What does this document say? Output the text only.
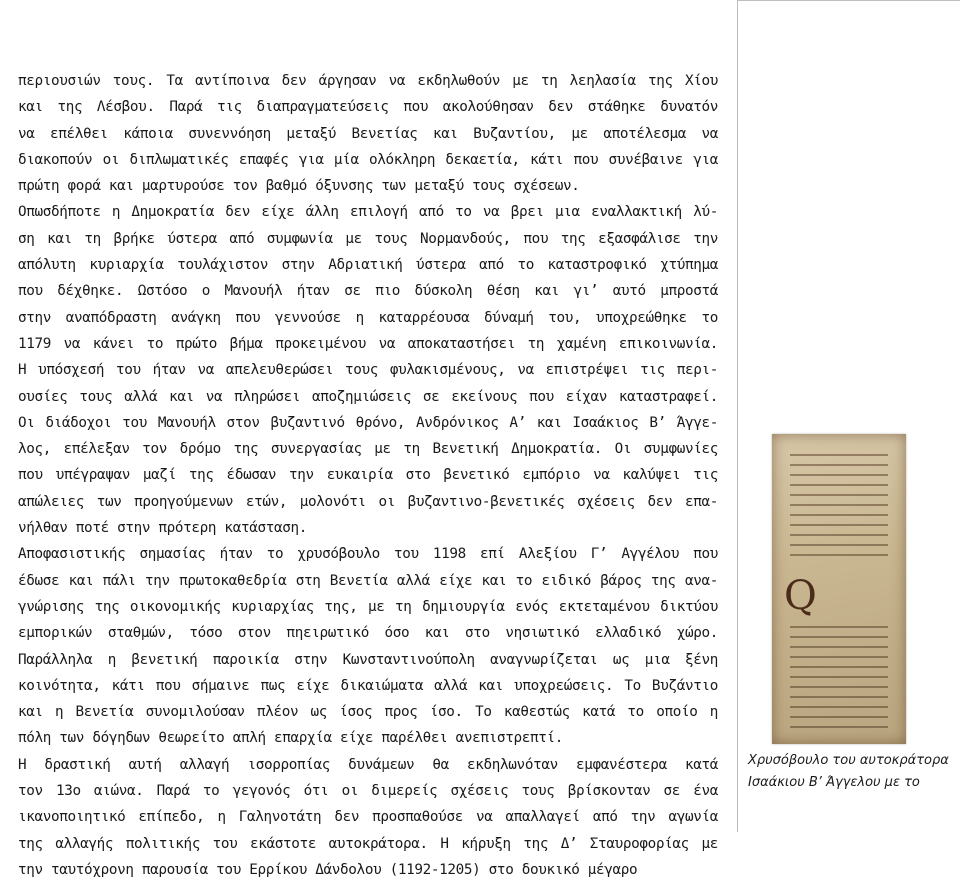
περιουσιών τους. Τα αντίποινα δεν άργησαν να εκδηλωθούν με τη λεηλασία της Χίου
και της Λέσβου. Παρά τις διαπραγματεύσεις που ακολούθησαν δεν στάθηκε δυνατόν
να επέλθει κάποια συνεννόηση μεταξύ Βενετίας και Βυζαντίου, με αποτέλεσμα να
διακοπούν οι διπλωματικές επαφές για μία ολόκληρη δεκαετία, κάτι που συνέβαινε για
πρώτη φορά και μαρτυρούσε τον βαθμό όξυνσης των μεταξύ τους σχέσεων.
Οπωσδήποτε η Δημοκρατία δεν είχε άλλη επιλογή από το να βρει μια εναλλακτική λύ-
ση και τη βρήκε ύστερα από συμφωνία με τους Νορμανδούς, που της εξασφάλισε την
απόλυτη κυριαρχία τουλάχιστον στην Αδριατική ύστερα από το καταστροφικό χτύπημα
που δέχθηκε. Ωστόσο ο Μανουήλ ήταν σε πιο δύσκολη θέση και γι’ αυτό μπροστά
στην αναπόδραστη ανάγκη που γεννούσε η καταρρέουσα δύναμή του, υποχρεώθηκε το
1179 να κάνει το πρώτο βήμα προκειμένου να αποκαταστήσει τη χαμένη επικοινωνία.
Η υπόσχεσή του ήταν να απελευθερώσει τους φυλακισμένους, να επιστρέψει τις περι-
ουσίες τους αλλά και να πληρώσει αποζημιώσεις σε εκείνους που είχαν καταστραφεί.
Οι διάδοχοι του Μανουήλ στον βυζαντινό θρόνο, Ανδρόνικος Α’ και Ισαάκιος Β’ Άγγε-
λος, επέλεξαν τον δρόμο της συνεργασίας με τη Βενετική Δημοκρατία. Οι συμφωνίες
που υπέγραψαν μαζί της έδωσαν την ευκαιρία στο βενετικό εμπόριο να καλύψει τις
απώλειες των προηγούμενων ετών, μολονότι οι βυζαντινο-βενετικές σχέσεις δεν επα-
νήλθαν ποτέ στην πρότερη κατάσταση.
Αποφασιστικής σημασίας ήταν το χρυσόβουλο του 1198 επί Αλεξίου Γ’ Αγγέλου που
έδωσε και πάλι την πρωτοκαθεδρία στη Βενετία αλλά είχε και το ειδικό βάρος της ανα-
γνώρισης της οικονομικής κυριαρχίας της, με τη δημιουργία ενός εκτεταμένου δικτύου
εμπορικών σταθμών, τόσο στον πηειρωτικό όσο και στο νησιωτικό ελλαδικό χώρο.
Παράλληλα η βενετική παροικία στην Κωνσταντινούπολη αναγνωρίζεται ως μια ξένη
κοινότητα, κάτι που σήμαινε πως είχε δικαιώματα αλλά και υποχρεώσεις. Το Βυζάντιο
και η Βενετία συνομιλούσαν πλέον ως ίσος προς ίσο. Το καθεστώς κατά το οποίο η
πόλη των δόγηδων θεωρείτο απλή επαρχία είχε παρέλθει ανεπιστρεπτί.
Η δραστική αυτή αλλαγή ισορροπίας δυνάμεων θα εκδηλωνόταν εμφανέστερα κατά
τον 13ο αιώνα. Παρά το γεγονός ότι οι διμερείς σχέσεις τους βρίσκονταν σε ένα
ικανοποιητικό επίπεδο, η Γαληνοτάτη δεν προσπαθούσε να απαλλαγεί από την αγωνία
της αλλαγής πολιτικής του εκάστοτε αυτοκράτορα. Η κήρυξη της Δ’ Σταυροφορίας με
την ταυτόχρονη παρουσία του Ερρίκου Δάνδολου (1192-1205) στο δουκικό μέγαρο
Q
Χρυσόβουλο του αυτοκράτορα
Ισαάκιου Β’ Άγγελου με το
